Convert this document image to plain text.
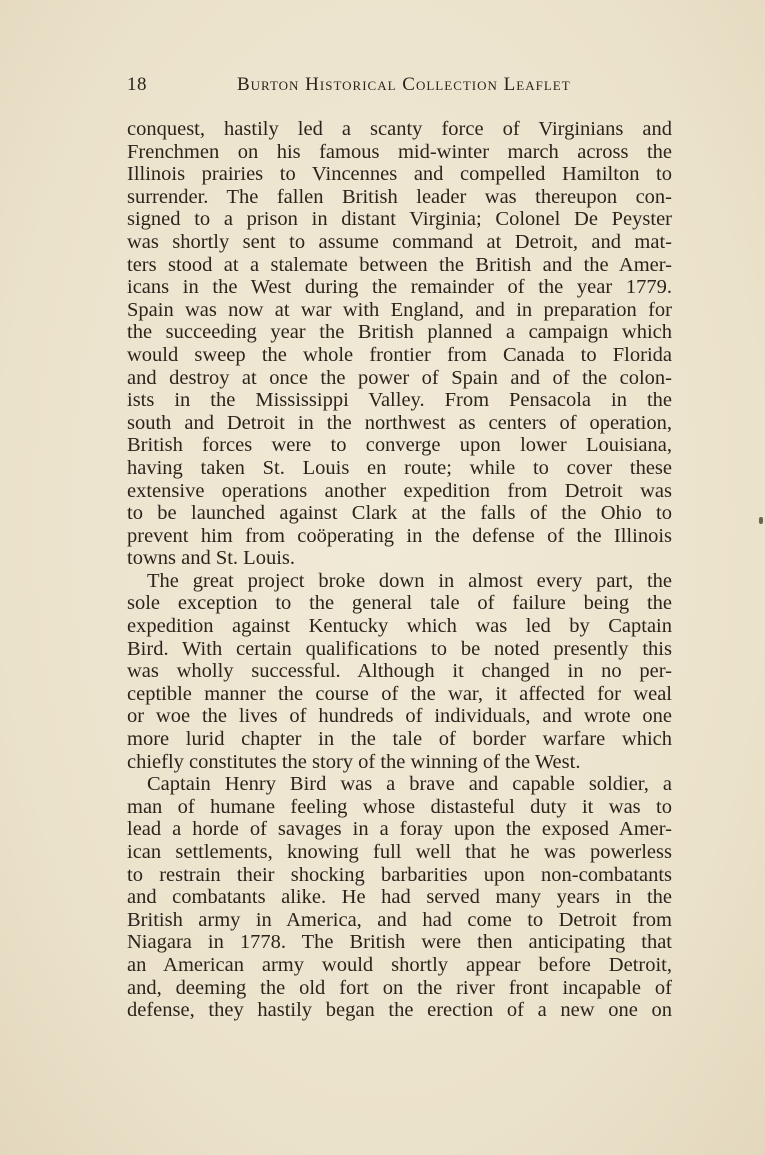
18	Burton Historical Collection Leaflet
conquest, hastily led a scanty force of Virginians and
Frenchmen on his famous mid-winter march across the
Illinois prairies to Vincennes and compelled Hamilton to
surrender. The fallen British leader was thereupon con-
signed to a prison in distant Virginia; Colonel De Peyster
was shortly sent to assume command at Detroit, and mat-
ters stood at a stalemate between the British and the Amer-
icans in the West during the remainder of the year 1779.
Spain was now at war with England, and in preparation for
the succeeding year the British planned a campaign which
would sweep the whole frontier from Canada to Florida
and destroy at once the power of Spain and of the colon-
ists in the Mississippi Valley. From Pensacola in the
south and Detroit in the northwest as centers of operation,
British forces were to converge upon lower Louisiana,
having taken St. Louis en route; while to cover these
extensive operations another expedition from Detroit was
to be launched against Clark at the falls of the Ohio to
prevent him from coöperating in the defense of the Illinois
towns and St. Louis.
The great project broke down in almost every part, the
sole exception to the general tale of failure being the
expedition against Kentucky which was led by Captain
Bird. With certain qualifications to be noted presently this
was wholly successful. Although it changed in no per-
ceptible manner the course of the war, it affected for weal
or woe the lives of hundreds of individuals, and wrote one
more lurid chapter in the tale of border warfare which
chiefly constitutes the story of the winning of the West.
Captain Henry Bird was a brave and capable soldier, a
man of humane feeling whose distasteful duty it was to
lead a horde of savages in a foray upon the exposed Amer-
ican settlements, knowing full well that he was powerless
to restrain their shocking barbarities upon non-combatants
and combatants alike. He had served many years in the
British army in America, and had come to Detroit from
Niagara in 1778. The British were then anticipating that
an American army would shortly appear before Detroit,
and, deeming the old fort on the river front incapable of
defense, they hastily began the erection of a new one on
